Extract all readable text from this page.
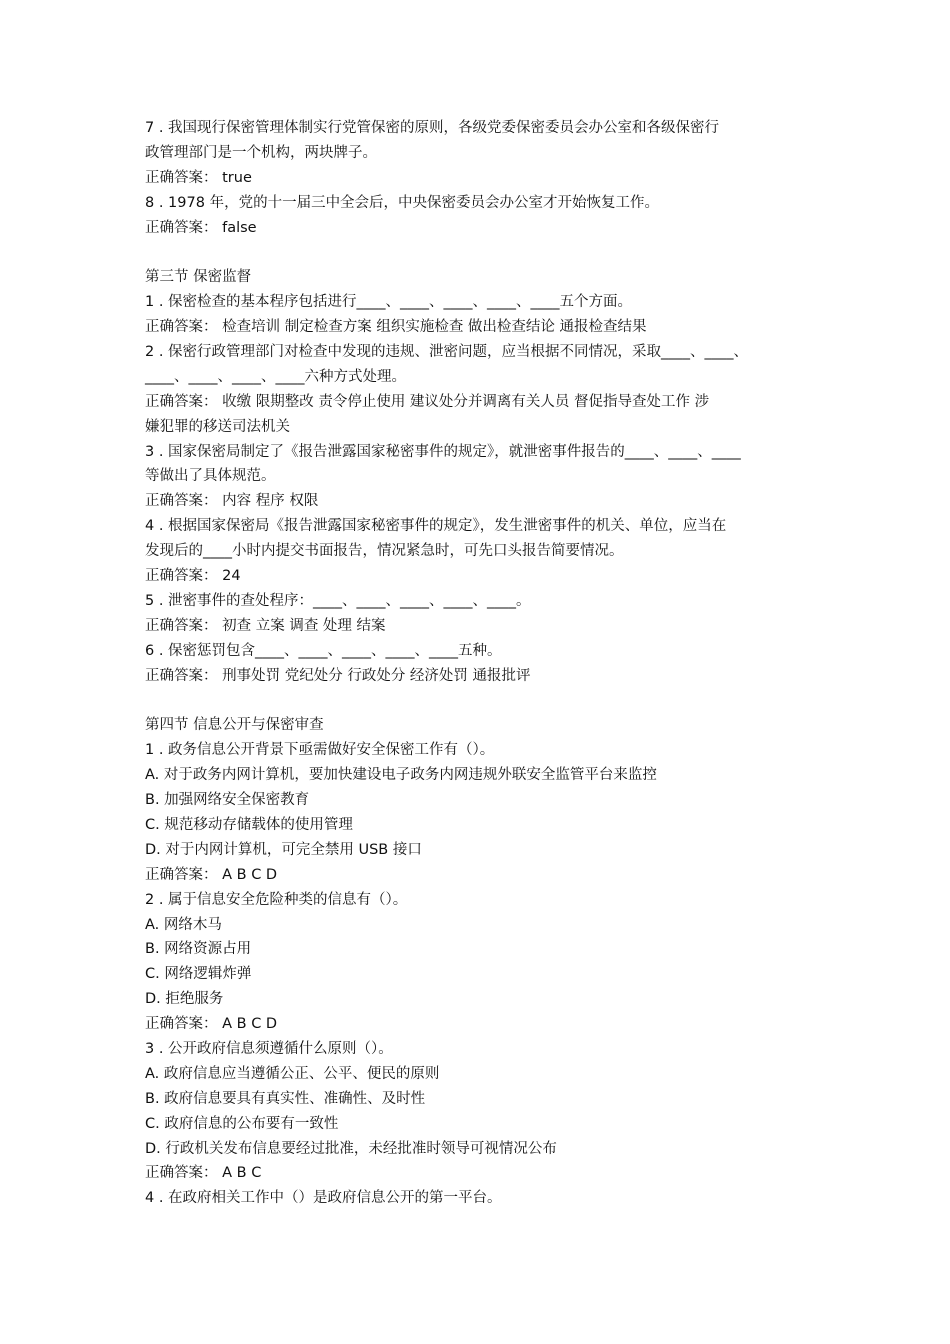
7 . 我国现行保密管理体制实行党管保密的原则，各级党委保密委员会办公室和各级保密行
政管理部门是一个机构，两块牌子。
正确答案： true
8 . 1978 年，党的十一届三中全会后，中央保密委员会办公室才开始恢复工作。
正确答案： false
第三节 保密监督
1 . 保密检查的基本程序包括进行____、____、____、____、____五个方面。
正确答案： 检查培训 制定检查方案 组织实施检查 做出检查结论 通报检查结果
2 . 保密行政管理部门对检查中发现的违规、泄密问题，应当根据不同情况，采取____、____、
____、____、____、____六种方式处理。
正确答案： 收缴 限期整改 责令停止使用 建议处分并调离有关人员 督促指导查处工作 涉
嫌犯罪的移送司法机关
3 . 国家保密局制定了《报告泄露国家秘密事件的规定》，就泄密事件报告的____、____、____
等做出了具体规范。
正确答案： 内容 程序 权限
4 . 根据国家保密局《报告泄露国家秘密事件的规定》，发生泄密事件的机关、单位，应当在
发现后的____小时内提交书面报告，情况紧急时，可先口头报告简要情况。
正确答案： 24
5 . 泄密事件的查处程序：____、____、____、____、____。
正确答案： 初查 立案 调查 处理 结案
6 . 保密惩罚包含____、____、____、____、____五种。
正确答案： 刑事处罚 党纪处分 行政处分 经济处罚 通报批评
第四节 信息公开与保密审查
1 . 政务信息公开背景下亟需做好安全保密工作有（）。
A. 对于政务内网计算机，要加快建设电子政务内网违规外联安全监管平台来监控
B. 加强网络安全保密教育
C. 规范移动存储载体的使用管理
D. 对于内网计算机，可完全禁用 USB 接口
正确答案： A B C D
2 . 属于信息安全危险种类的信息有（）。
A. 网络木马
B. 网络资源占用
C. 网络逻辑炸弹
D. 拒绝服务
正确答案： A B C D
3 . 公开政府信息须遵循什么原则（）。
A. 政府信息应当遵循公正、公平、便民的原则
B. 政府信息要具有真实性、准确性、及时性
C. 政府信息的公布要有一致性
D. 行政机关发布信息要经过批准，未经批准时领导可视情况公布
正确答案： A B C
4 . 在政府相关工作中（）是政府信息公开的第一平台。
